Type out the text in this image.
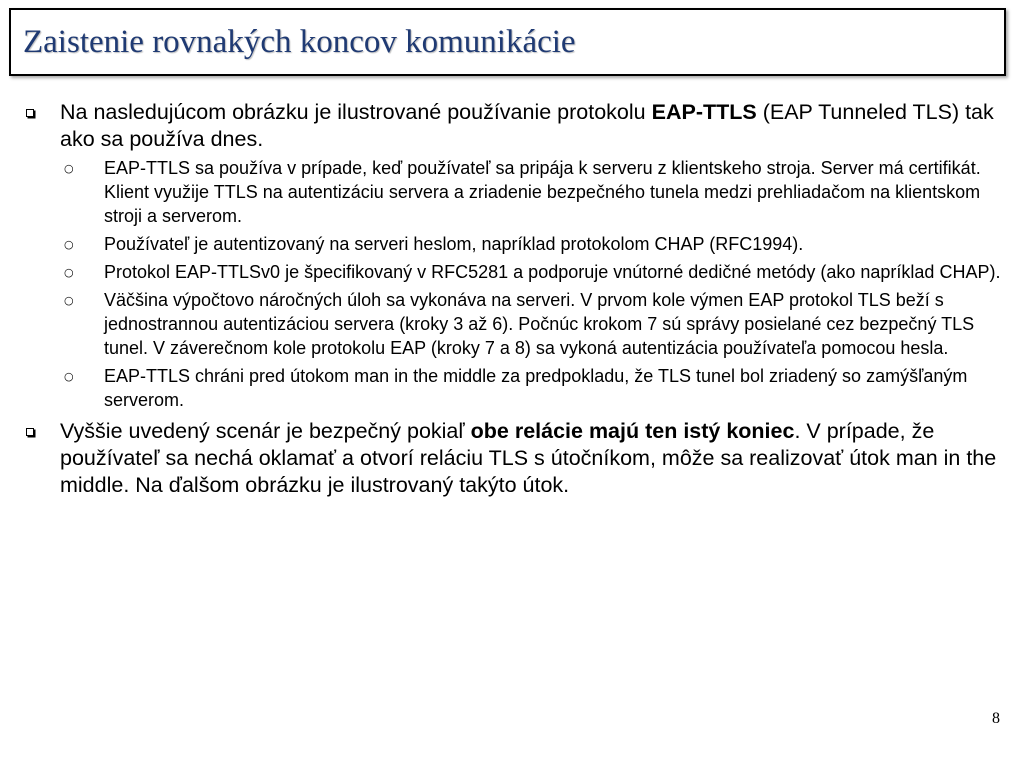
Zaistenie rovnakých koncov komunikácie
Na nasledujúcom obrázku je ilustrované používanie protokolu EAP-TTLS (EAP Tunneled TLS) tak ako sa používa dnes.
○ EAP-TTLS sa používa v prípade, keď používateľ sa pripája k serveru z klientskeho stroja. Server má certifikát. Klient využije TTLS na autentizáciu servera a zriadenie bezpečného tunela medzi prehliadačom na klientskom stroji a serverom.
○ Používateľ je autentizovaný na serveri heslom, napríklad protokolom CHAP (RFC1994).
○ Protokol EAP-TTLSv0 je špecifikovaný v RFC5281 a podporuje vnútorné dedičné metódy (ako napríklad CHAP).
○ Väčšina výpočtovo náročných úloh sa vykonáva na serveri. V prvom kole výmen EAP protokol TLS beží s jednostrannou autentizáciou servera (kroky 3 až 6). Počnúc krokom 7 sú správy posielané cez bezpečný TLS tunel. V záverečnom kole protokolu EAP (kroky 7 a 8) sa vykoná autentizácia používateľa pomocou hesla.
○ EAP-TTLS chráni pred útokom man in the middle za predpokladu, že TLS tunel bol zriadený so zamýšľaným serverom.
Vyššie uvedený scenár je bezpečný pokiaľ obe relácie majú ten istý koniec. V prípade, že používateľ sa nechá oklamať a otvorí reláciu TLS s útočníkom, môže sa realizovať útok man in the middle. Na ďalšom obrázku je ilustrovaný takýto útok.
8
